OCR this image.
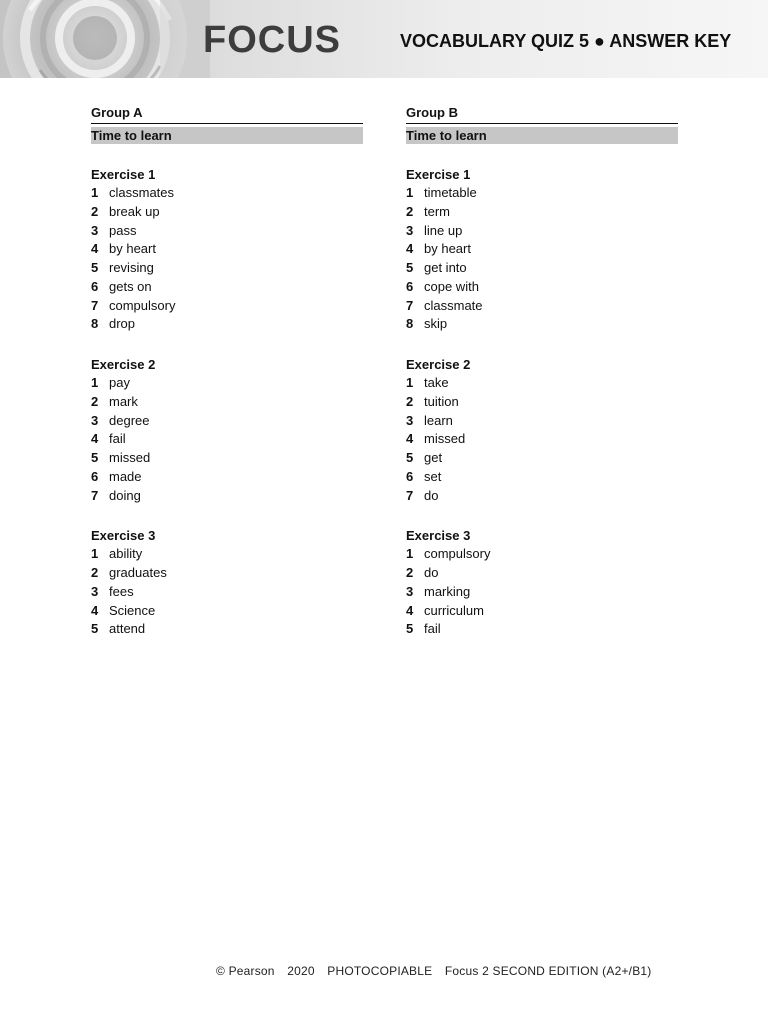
FOCUS	VOCABULARY QUIZ 5 ● ANSWER KEY
Group A
Time to learn
Exercise 1
1 classmates
2 break up
3 pass
4 by heart
5 revising
6 gets on
7 compulsory
8 drop
Exercise 2
1 pay
2 mark
3 degree
4 fail
5 missed
6 made
7 doing
Exercise 3
1 ability
2 graduates
3 fees
4 Science
5 attend
Group B
Time to learn
Exercise 1
1 timetable
2 term
3 line up
4 by heart
5 get into
6 cope with
7 classmate
8 skip
Exercise 2
1 take
2 tuition
3 learn
4 missed
5 get
6 set
7 do
Exercise 3
1 compulsory
2 do
3 marking
4 curriculum
5 fail
© Pearson 2020 PHOTOCOPIABLE Focus 2 SECOND EDITION (A2+/B1)
